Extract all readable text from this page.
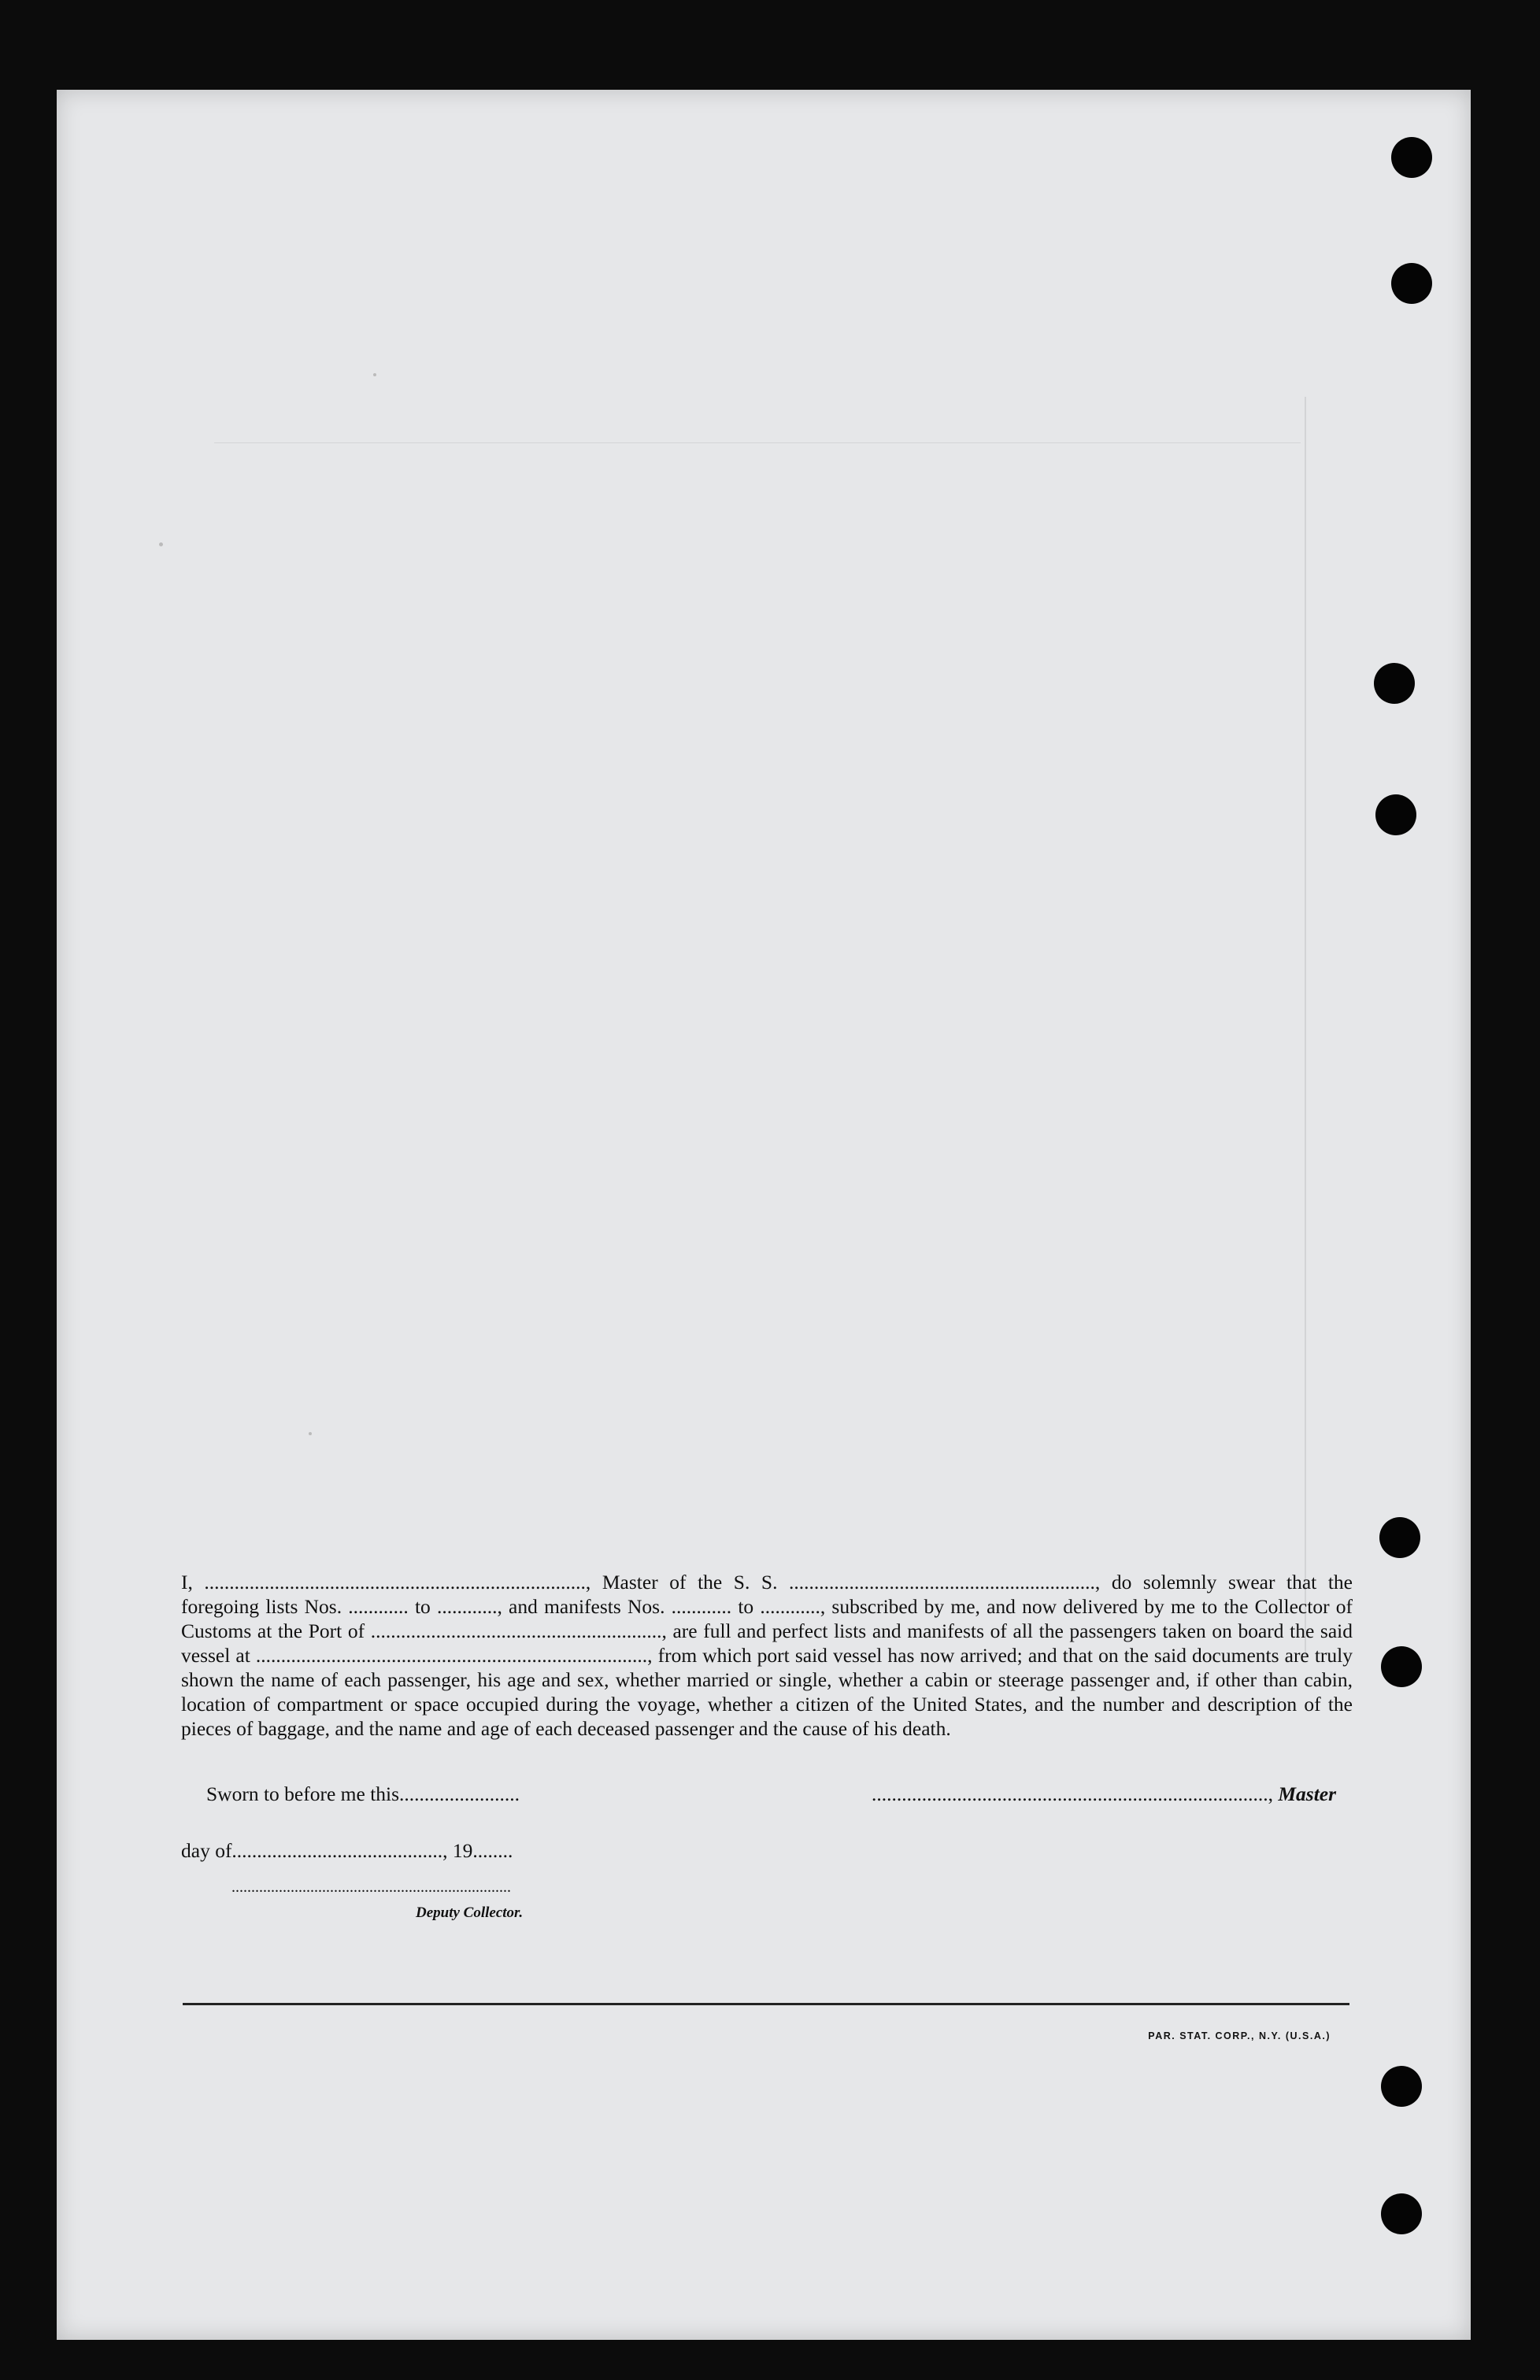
I, ............................................................................, Master of the S. S. ............................................................., do solemnly swear that the foregoing lists Nos. ............ to ............, and manifests Nos. ............ to ............, subscribed by me, and now delivered by me to the Collector of Customs at the Port of .........................................................., are full and perfect lists and manifests of all the passengers taken on board the said vessel at .............................................................................., from which port said vessel has now arrived; and that on the said documents are truly shown the name of each passenger, his age and sex, whether married or single, whether a cabin or steerage passenger and, if other than cabin, location of compartment or space occupied during the voyage, whether a citizen of the United States, and the number and description of the pieces of baggage, and the name and age of each deceased passenger and the cause of his death.

Sworn to before me this........................	..............................................................................., Master
day of.........................................., 19........
.......................................................................
Deputy Collector.
PAR. STAT. CORP., N.Y. (U.S.A.)
